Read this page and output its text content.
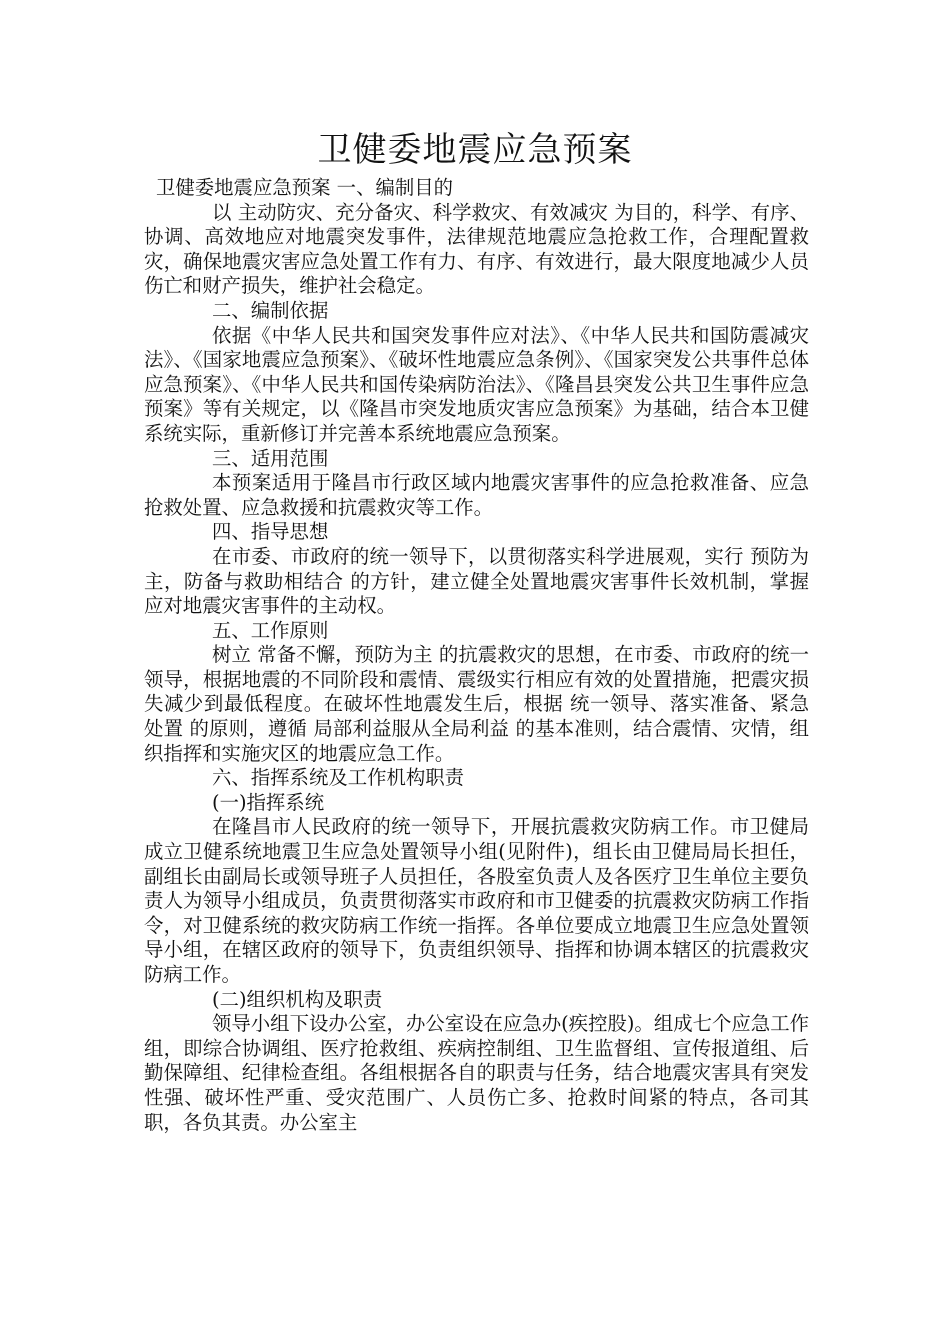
卫健委地震应急预案

卫健委地震应急预案 一、编制目的

以 主动防灾、充分备灾、科学救灾、有效减灾 为目的，科学、有序、协调、高效地应对地震突发事件，法律规范地震应急抢救工作，合理配置救灾，确保地震灾害应急处置工作有力、有序、有效进行，最大限度地减少人员伤亡和财产损失，维护社会稳定。

二、编制依据

依据《中华人民共和国突发事件应对法》、《中华人民共和国防震减灾法》、《国家地震应急预案》、《破坏性地震应急条例》、《国家突发公共事件总体应急预案》、《中华人民共和国传染病防治法》、《隆昌县突发公共卫生事件应急预案》等有关规定，以《隆昌市突发地质灾害应急预案》为基础，结合本卫健系统实际，重新修订并完善本系统地震应急预案。

三、适用范围

本预案适用于隆昌市行政区域内地震灾害事件的应急抢救准备、应急抢救处置、应急救援和抗震救灾等工作。

四、指导思想

在市委、市政府的统一领导下，以贯彻落实科学进展观，实行 预防为主，防备与救助相结合 的方针，建立健全处置地震灾害事件长效机制，掌握应对地震灾害事件的主动权。

五、工作原则

树立 常备不懈，预防为主 的抗震救灾的思想，在市委、市政府的统一领导，根据地震的不同阶段和震情、震级实行相应有效的处置措施，把震灾损失减少到最低程度。在破坏性地震发生后，根据 统一领导、落实准备、紧急处置 的原则，遵循 局部利益服从全局利益 的基本准则，结合震情、灾情，组织指挥和实施灾区的地震应急工作。

六、指挥系统及工作机构职责

(一)指挥系统

在隆昌市人民政府的统一领导下，开展抗震救灾防病工作。市卫健局成立卫健系统地震卫生应急处置领导小组(见附件)，组长由卫健局局长担任，副组长由副局长或领导班子人员担任，各股室负责人及各医疗卫生单位主要负责人为领导小组成员，负责贯彻落实市政府和市卫健委的抗震救灾防病工作指令，对卫健系统的救灾防病工作统一指挥。各单位要成立地震卫生应急处置领导小组，在辖区政府的领导下，负责组织领导、指挥和协调本辖区的抗震救灾防病工作。

(二)组织机构及职责

领导小组下设办公室，办公室设在应急办(疾控股)。组成七个应急工作组，即综合协调组、医疗抢救组、疾病控制组、卫生监督组、宣传报道组、后勤保障组、纪律检查组。各组根据各自的职责与任务，结合地震灾害具有突发性强、破坏性严重、受灾范围广、人员伤亡多、抢救时间紧的特点，各司其职，各负其责。办公室主
